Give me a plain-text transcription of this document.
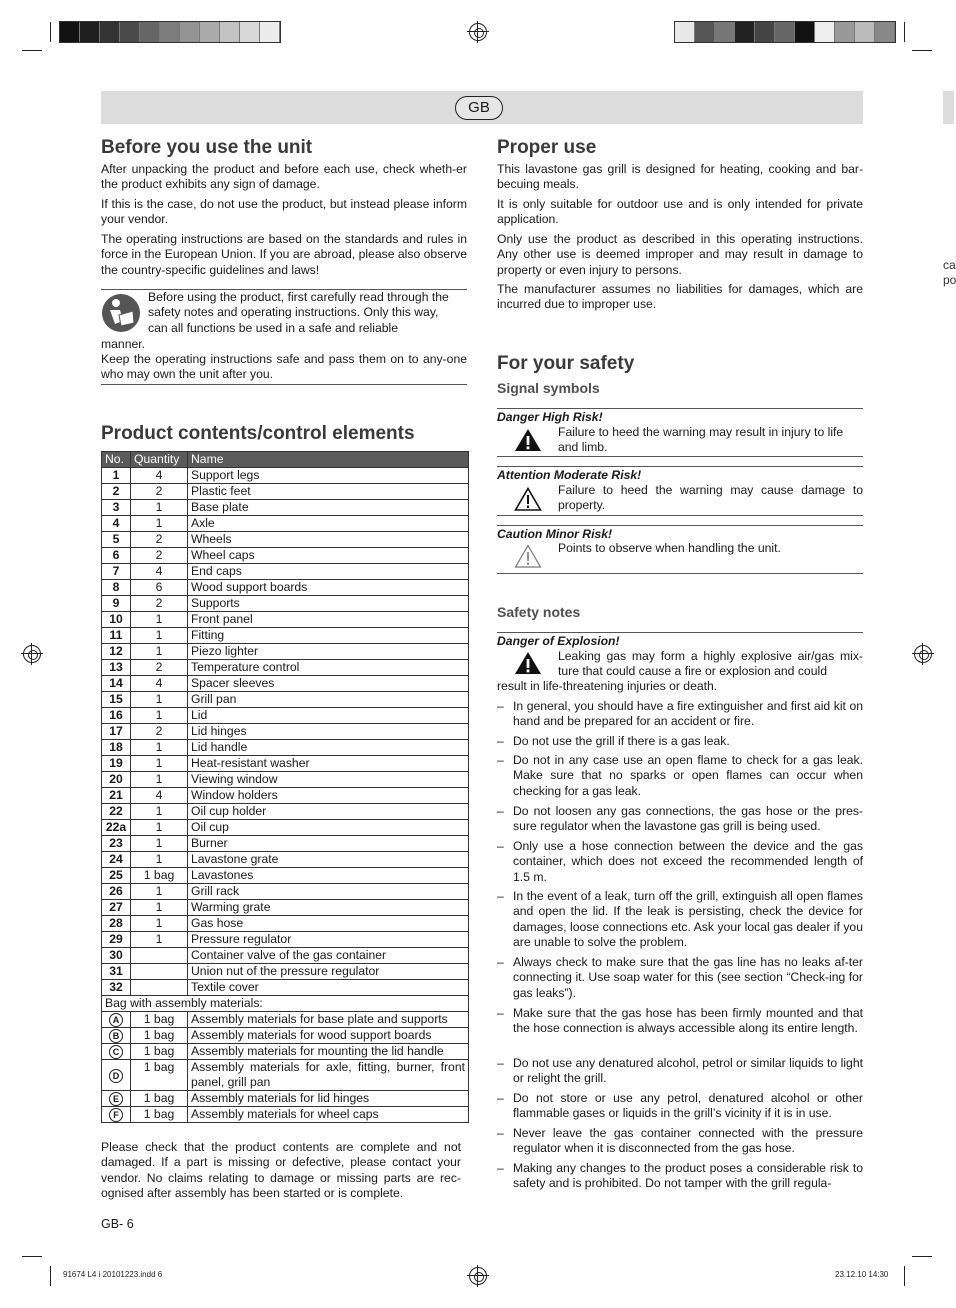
GB
Before you use the unit

After unpacking the product and before each use, check wheth-er the product exhibits any sign of damage.

If this is the case, do not use the product, but instead please inform your vendor.

The operating instructions are based on the standards and rules in force in the European Union. If you are abroad, please also observe the country-specific guidelines and laws!

Before using the product, first carefully read through the safety notes and operating instructions. Only this way, can all functions be used in a safe and reliable

manner.

Keep the operating instructions safe and pass them on to any-one who may own the unit after you.

Product contents/control elements
No.	Quantity	Name
1	4	Support legs
2	2	Plastic feet
3	1	Base plate
4	1	Axle
5	2	Wheels
6	2	Wheel caps
7	4	End caps
8	6	Wood support boards
9	2	Supports
10	1	Front panel
11	1	Fitting
12	1	Piezo lighter
13	2	Temperature control
14	4	Spacer sleeves
15	1	Grill pan
16	1	Lid
17	2	Lid hinges
18	1	Lid handle
19	1	Heat-resistant washer
20	1	Viewing window
21	4	Window holders
22	1	Oil cup holder
22a	1	Oil cup
23	1	Burner
24	1	Lavastone grate
25	1 bag	Lavastones
26	1	Grill rack
27	1	Warming grate
28	1	Gas hose
29	1	Pressure regulator
30		Container valve of the gas container
31		Union nut of the pressure regulator
32		Textile cover
Bag with assembly materials:		
A	1 bag	Assembly materials for base plate and supports
B	1 bag	Assembly materials for wood support boards
C	1 bag	Assembly materials for mounting the lid handle
D	1 bag	Assembly materials for axle, fitting, burner, front panel, grill pan
E	1 bag	Assembly materials for lid hinges
F	1 bag	Assembly materials for wheel caps

Please check that the product contents are complete and not damaged. If a part is missing or defective, please contact your vendor. No claims relating to damage or missing parts are rec-ognised after assembly has been started or is complete.

GB- 6
Proper use

This lavastone gas grill is designed for heating, cooking and bar-becuing meals.

It is only suitable for outdoor use and is only intended for private application.

Only use the product as described in this operating instructions. Any other use is deemed improper and may result in damage to property or even injury to persons.

The manufacturer assumes no liabilities for damages, which are incurred due to improper use.

For your safety
Signal symbols
Danger High Risk!

Failure to heed the warning may result in injury to life and limb.

Attention Moderate Risk!

Failure to heed the warning may cause damage to property.

Caution Minor Risk!

Points to observe when handling the unit.

Safety notes
Danger of Explosion!

Leaking gas may form a highly explosive air/gas mix-ture that could cause a fire or explosion and could

result in life-threatening injuries or death.

– In general, you should have a fire extinguisher and first aid kit on hand and be prepared for an accident or fire.
– Do not use the grill if there is a gas leak.
– Do not in any case use an open flame to check for a gas leak. Make sure that no sparks or open flames can occur when checking for a gas leak.
– Do not loosen any gas connections, the gas hose or the pres-sure regulator when the lavastone gas grill is being used.
– Only use a hose connection between the device and the gas container, which does not exceed the recommended length of 1.5 m.
– In the event of a leak, turn off the grill, extinguish all open flames and open the lid. If the leak is persisting, check the device for damages, loose connections etc. Ask your local gas dealer if you are unable to solve the problem.
– Always check to make sure that the gas line has no leaks af-ter connecting it. Use soap water for this (see section “Check-ing for gas leaks”).
– Make sure that the gas hose has been firmly mounted and that the hose connection is always accessible along its entire length.
– Do not use any denatured alcohol, petrol or similar liquids to light or relight the grill.
– Do not store or use any petrol, denatured alcohol or other flammable gases or liquids in the grill’s vicinity if it is in use.
– Never leave the gas container connected with the pressure regulator when it is disconnected from the gas hose.
– Making any changes to the product poses a considerable risk to safety and is prohibited. Do not tamper with the grill regula-
ca
po
91674 L4 i 20101223.indd 6	23.12.10 14:30
